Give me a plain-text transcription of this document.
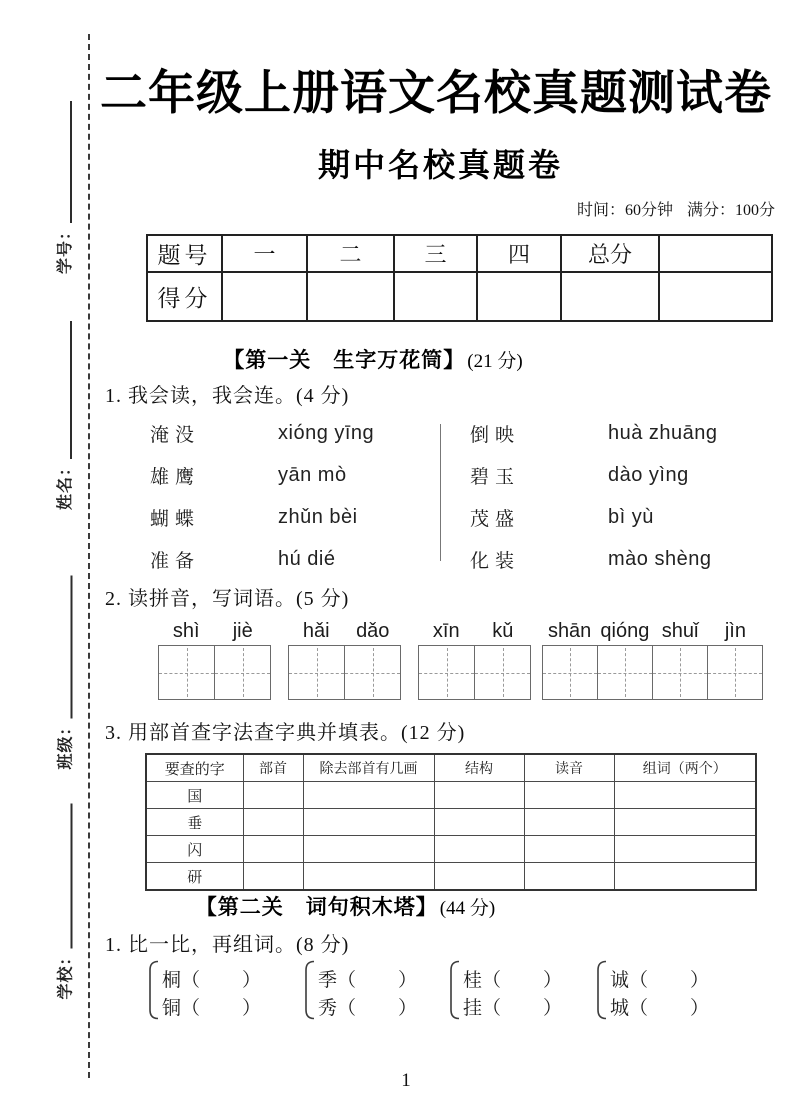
学号：
姓名：
班级：
学校：
二年级上册语文名校真题测试卷
期中名校真题卷
时间：60分钟 满分：100分
题号	一	二	三	四	总分	
得分						
【第一关　生字万花筒】 (21 分)
1. 我会读，我会连。(4 分)
淹没	xióng yīng
雄鹰	yān mò
蝴蝶	zhǔn bèi
准备	hú dié
倒映	huà zhuāng
碧玉	dào yìng
茂盛	bì yù
化装	mào shèng
2. 读拼音，写词语。(5 分)
shì	jiè	hǎi	dǎo	xīn	kǔ	shān qióng shuǐ	jìn
3. 用部首查字法查字典并填表。(12 分)
要查的字	部首	除去部首有几画	结构	读音	组词（两个）
国					
垂					
闪					
研					
【第二关　词句积木塔】 (44 分)
1. 比一比，再组词。(8 分)
桐 （ ）
铜 （ ）
季 （ ）
秀 （ ）
桂 （ ）
挂 （ ）
诚 （ ）
城 （ ）
1
